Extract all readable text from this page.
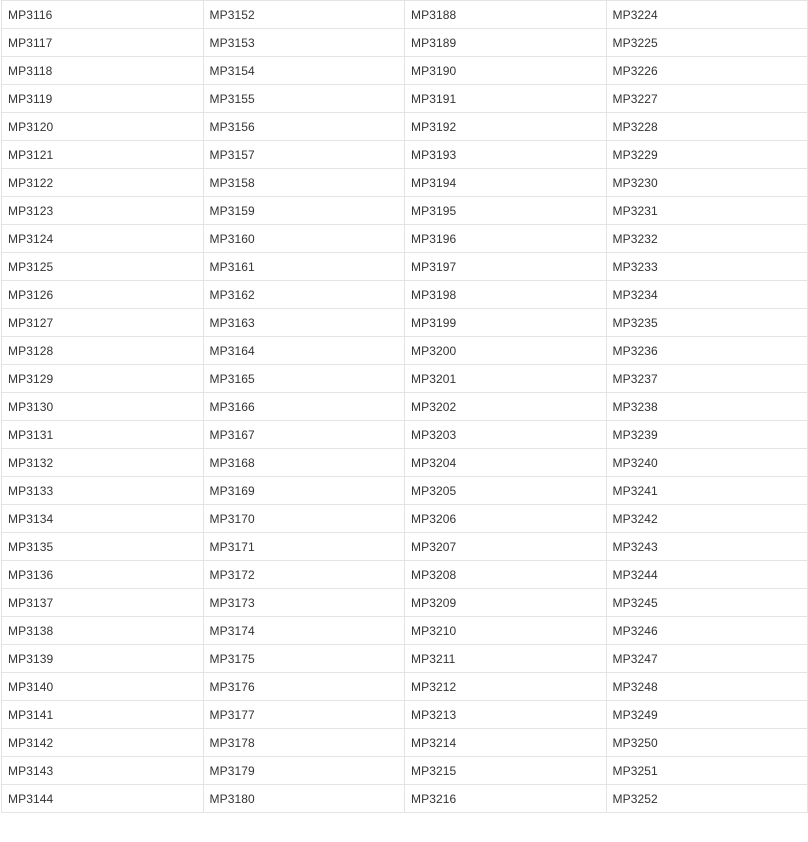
MP3116	MP3152	MP3188	MP3224
MP3117	MP3153	MP3189	MP3225
MP3118	MP3154	MP3190	MP3226
MP3119	MP3155	MP3191	MP3227
MP3120	MP3156	MP3192	MP3228
MP3121	MP3157	MP3193	MP3229
MP3122	MP3158	MP3194	MP3230
MP3123	MP3159	MP3195	MP3231
MP3124	MP3160	MP3196	MP3232
MP3125	MP3161	MP3197	MP3233
MP3126	MP3162	MP3198	MP3234
MP3127	MP3163	MP3199	MP3235
MP3128	MP3164	MP3200	MP3236
MP3129	MP3165	MP3201	MP3237
MP3130	MP3166	MP3202	MP3238
MP3131	MP3167	MP3203	MP3239
MP3132	MP3168	MP3204	MP3240
MP3133	MP3169	MP3205	MP3241
MP3134	MP3170	MP3206	MP3242
MP3135	MP3171	MP3207	MP3243
MP3136	MP3172	MP3208	MP3244
MP3137	MP3173	MP3209	MP3245
MP3138	MP3174	MP3210	MP3246
MP3139	MP3175	MP3211	MP3247
MP3140	MP3176	MP3212	MP3248
MP3141	MP3177	MP3213	MP3249
MP3142	MP3178	MP3214	MP3250
MP3143	MP3179	MP3215	MP3251
MP3144	MP3180	MP3216	MP3252
